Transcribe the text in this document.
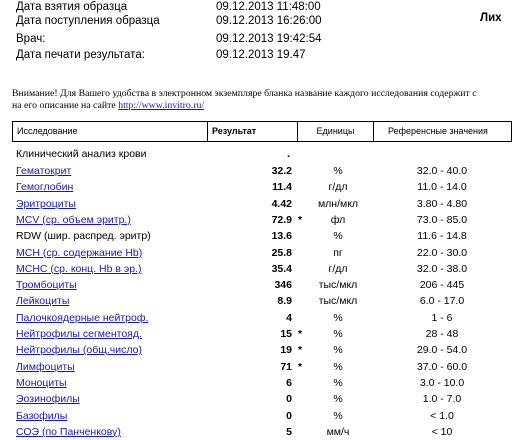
Дата взятия образца	09.12.2013 11:48:00
Дата поступления образца	09.12.2013 16:26:00
Врач:	09.12.2013 19:42:54
Дата печати результата:	09.12.2013 19.47
Лих
Внимание! Для Вашего удобства в электронном экземпляре бланка название каждого исследования содержит с
на его описание на сайте http://www.invitro.ru/
Исследование	Результат	Единицы	Референсные значения
Клинический анализ крови	.
Гематокрит	32.2	%	32.0 - 40.0
Гемоглобин	11.4	г/дл	11.0 - 14.0
Эритроциты	4.42	млн/мкл	3.80 - 4.80
MCV (ср. объем эритр.)	72.9 *	фл	73.0 - 85.0
RDW (шир. распред. эритр)	13.6	%	11.6 - 14.8
MCH (ср. содержание Hb)	25.8	пг	22.0 - 30.0
MCHC (ср. конц. Hb в эр.)	35.4	г/дл	32.0 - 38.0
Тромбоциты	346	тыс/мкл	206 - 445
Лейкоциты	8.9	тыс/мкл	6.0 - 17.0
Палочкоядерные нейтроф.	4	%	1 - 6
Нейтрофилы сегментояд.	15 *	%	28 - 48
Нейтрофилы (общ.число)	19 *	%	29.0 - 54.0
Лимфоциты	71 *	%	37.0 - 60.0
Моноциты	6	%	3.0 - 10.0
Эозинофилы	0	%	1.0 - 7.0
Базофилы	0	%	< 1.0
СОЭ (по Панченкову)	5	мм/ч	< 10
